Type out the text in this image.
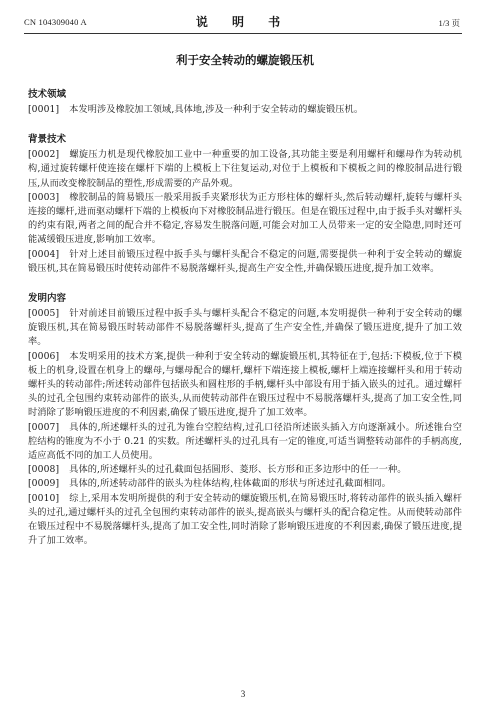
CN 104309040 A	说 明 书	1/3 页
利于安全转动的螺旋锻压机
技术领域

[0001] 本发明涉及橡胶加工领域,具体地,涉及一种利于安全转动的螺旋锻压机。

背景技术

[0002] 螺旋压力机是现代橡胶加工业中一种重要的加工设备,其功能主要是利用螺杆和螺母作为转动机构,通过旋转螺杆使连接在螺杆下端的上模板上下往复运动,对位于上模板和下模板之间的橡胶制品进行锻压,从而改变橡胶制品的塑性,形成需要的产品外观。

[0003] 橡胶制品的简易锻压一般采用扳手夹紧形状为正方形柱体的螺杆头,然后转动螺杆,旋转与螺杆头连接的螺杆,进而驱动螺杆下端的上模板向下对橡胶制品进行锻压。但是在锻压过程中,由于扳手头对螺杆头的约束有限,两者之间的配合并不稳定,容易发生脱落问题,可能会对加工人员带来一定的安全隐患,同时还可能减缓锻压进度,影响加工效率。

[0004] 针对上述目前锻压过程中扳手头与螺杆头配合不稳定的问题,需要提供一种利于安全转动的螺旋锻压机,其在简易锻压时使转动部件不易脱落螺杆头,提高生产安全性,并确保锻压进度,提升加工效率。

发明内容

[0005] 针对前述目前锻压过程中扳手头与螺杆头配合不稳定的问题,本发明提供一种利于安全转动的螺旋锻压机,其在简易锻压时转动部件不易脱落螺杆头,提高了生产安全性,并确保了锻压进度,提升了加工效率。

[0006] 本发明采用的技术方案,提供一种利于安全转动的螺旋锻压机,其特征在于,包括:下模板,位于下模板上的机身,设置在机身上的螺母,与螺母配合的螺杆,螺杆下端连接上模板,螺杆上端连接螺杆头和用于转动螺杆头的转动部件;所述转动部件包括嵌头和圆柱形的手柄,螺杆头中部设有用于插入嵌头的过孔。通过螺杆头的过孔全包围约束转动部件的嵌头,从而使转动部件在锻压过程中不易脱落螺杆头,提高了加工安全性,同时消除了影响锻压进度的不利因素,确保了锻压进度,提升了加工效率。

[0007] 具体的,所述螺杆头的过孔为锥台空腔结构,过孔口径沿所述嵌头插入方向逐渐减小。所述锥台空腔结构的锥度为不小于 0.21 的实数。所述螺杆头的过孔具有一定的锥度,可适当调整转动部件的手柄高度,适应高低不同的加工人员使用。

[0008] 具体的,所述螺杆头的过孔截面包括圆形、菱形、长方形和正多边形中的任一一种。

[0009] 具体的,所述转动部件的嵌头为柱体结构,柱体截面的形状与所述过孔截面相同。

[0010] 综上,采用本发明所提供的利于安全转动的螺旋锻压机,在简易锻压时,将转动部件的嵌头插入螺杆头的过孔,通过螺杆头的过孔全包围约束转动部件的嵌头,提高嵌头与螺杆头的配合稳定性。从而使转动部件在锻压过程中不易脱落螺杆头,提高了加工安全性,同时消除了影响锻压进度的不利因素,确保了锻压进度,提升了加工效率。

3
